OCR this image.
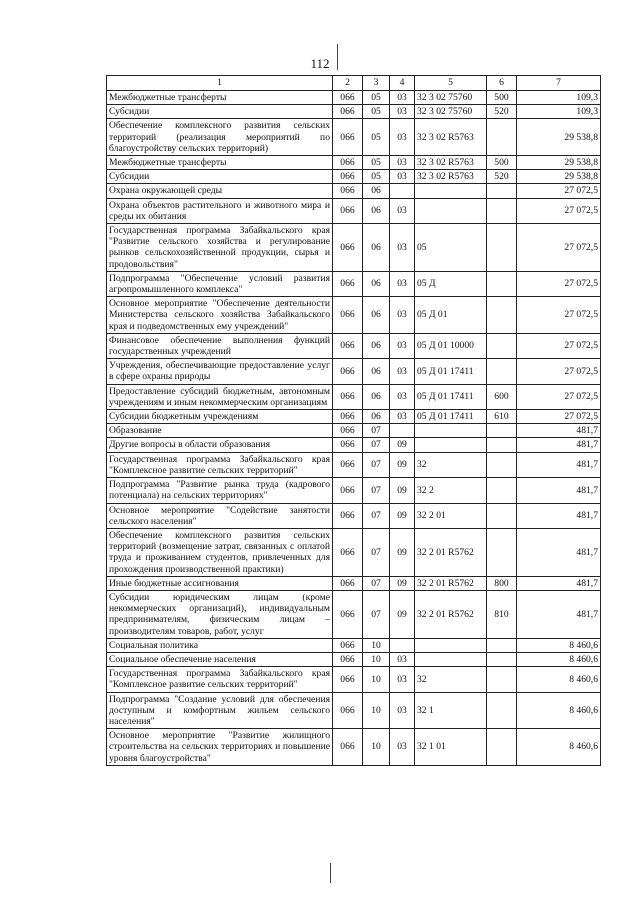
112
1	2	3	4	5	6	7
Межбюджетные трансферты	066	05	03	32 3 02 75760	500	109,3
Субсидии	066	05	03	32 3 02 75760	520	109,3
Обеспечение комплексного развития сельских территорий (реализация мероприятий по благоустройству сельских территорий)	066	05	03	32 3 02 R5763		29 538,8
Межбюджетные трансферты	066	05	03	32 3 02 R5763	500	29 538,8
Субсидии	066	05	03	32 3 02 R5763	520	29 538,8
Охрана окружающей среды	066	06				27 072,5
Охрана объектов растительного и животного мира и среды их обитания	066	06	03			27 072,5
Государственная программа Забайкальского края "Развитие сельского хозяйства и регулирование рынков сельскохозяйственной продукции, сырья и продовольствия"	066	06	03	05		27 072,5
Подпрограмма "Обеспечение условий развития агропромышленного комплекса"	066	06	03	05 Д		27 072,5
Основное мероприятие "Обеспечение деятельности Министерства сельского хозяйства Забайкальского края и подведомственных ему учреждений"	066	06	03	05 Д 01		27 072,5
Финансовое обеспечение выполнения функций государственных учреждений	066	06	03	05 Д 01 10000		27 072,5
Учреждения, обеспечивающие предоставление услуг в сфере охраны природы	066	06	03	05 Д 01 17411		27 072,5
Предоставление субсидий бюджетным, автономным учреждениям и иным некоммерческим организациям	066	06	03	05 Д 01 17411	600	27 072,5
Субсидии бюджетным учреждениям	066	06	03	05 Д 01 17411	610	27 072,5
Образование	066	07				481,7
Другие вопросы в области образования	066	07	09			481,7
Государственная программа Забайкальского края "Комплексное развитие сельских территорий"	066	07	09	32		481,7
Подпрограмма "Развитие рынка труда (кадрового потенциала) на сельских территориях"	066	07	09	32 2		481,7
Основное мероприятие "Содействие занятости сельского населения"	066	07	09	32 2 01		481,7
Обеспечение комплексного развития сельских территорий (возмещение затрат, связанных с оплатой труда и проживанием студентов, привлеченных для прохождения производственной практики)	066	07	09	32 2 01 R5762		481,7
Иные бюджетные ассигнования	066	07	09	32 2 01 R5762	800	481,7
Субсидии юридическим лицам (кроме некоммерческих организаций), индивидуальным предпринимателям, физическим лицам – производителям товаров, работ, услуг	066	07	09	32 2 01 R5762	810	481,7
Социальная политика	066	10				8 460,6
Социальное обеспечение населения	066	10	03			8 460,6
Государственная программа Забайкальского края "Комплексное развитие сельских территорий"	066	10	03	32		8 460,6
Подпрограмма "Создание условий для обеспечения доступным и комфортным жильем сельского населения"	066	10	03	32 1		8 460,6
Основное мероприятие "Развитие жилищного строительства на сельских территориях и повышение уровня благоустройства"	066	10	03	32 1 01		8 460,6
